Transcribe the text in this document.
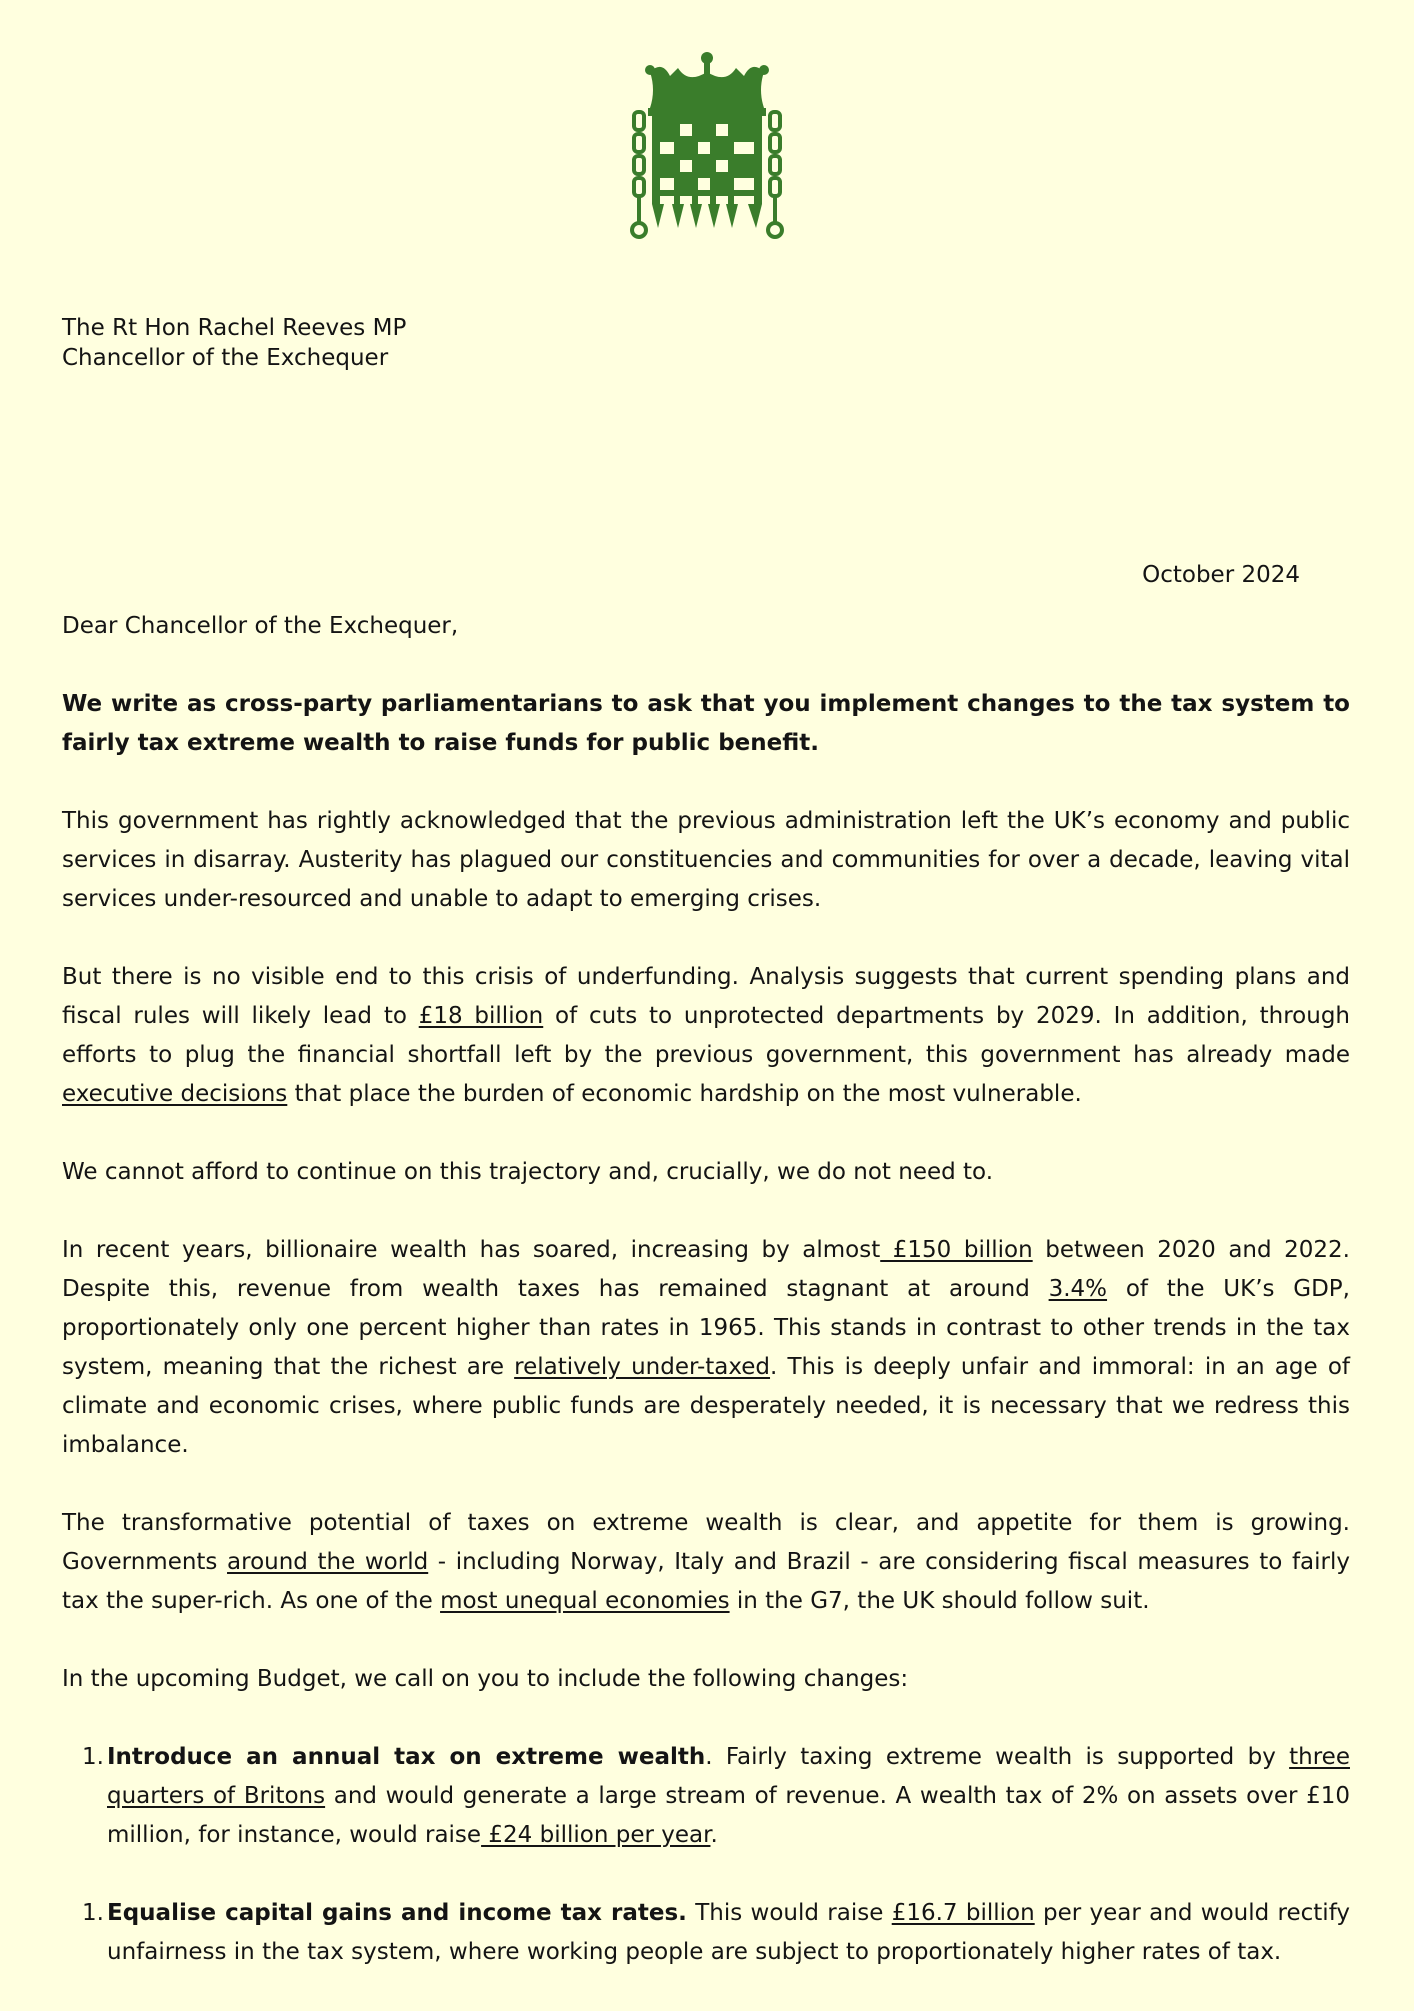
The Rt Hon Rachel Reeves MP
Chancellor of the Exchequer
October 2024

Dear Chancellor of the Exchequer,

We write as cross-party parliamentarians to ask that you implement changes to the tax system to fairly tax extreme wealth to raise funds for public benefit.

This government has rightly acknowledged that the previous administration left the UK’s economy and public services in disarray. Austerity has plagued our constituencies and communities for over a decade, leaving vital services under-resourced and unable to adapt to emerging crises.

But there is no visible end to this crisis of underfunding. Analysis suggests that current spending plans and fiscal rules will likely lead to £18 billion of cuts to unprotected departments by 2029. In addition, through efforts to plug the financial shortfall left by the previous government, this government has already made executive decisions that place the burden of economic hardship on the most vulnerable.

We cannot afford to continue on this trajectory and, crucially, we do not need to.

In recent years, billionaire wealth has soared, increasing by almost £150 billion between 2020 and 2022. Despite this, revenue from wealth taxes has remained stagnant at around 3.4% of the UK’s GDP, proportionately only one percent higher than rates in 1965. This stands in contrast to other trends in the tax system, meaning that the richest are relatively under-taxed. This is deeply unfair and immoral: in an age of climate and economic crises, where public funds are desperately needed, it is necessary that we redress this imbalance.

The transformative potential of taxes on extreme wealth is clear, and appetite for them is growing. Governments around the world - including Norway, Italy and Brazil - are considering fiscal measures to fairly tax the super-rich. As one of the most unequal economies in the G7, the UK should follow suit.

In the upcoming Budget, we call on you to include the following changes:

1. Introduce an annual tax on extreme wealth. Fairly taxing extreme wealth is supported by three quarters of Britons and would generate a large stream of revenue. A wealth tax of 2% on assets over £10 million, for instance, would raise £24 billion per year.
1. Equalise capital gains and income tax rates. This would raise £16.7 billion per year and would rectify unfairness in the tax system, where working people are subject to proportionately higher rates of tax.
